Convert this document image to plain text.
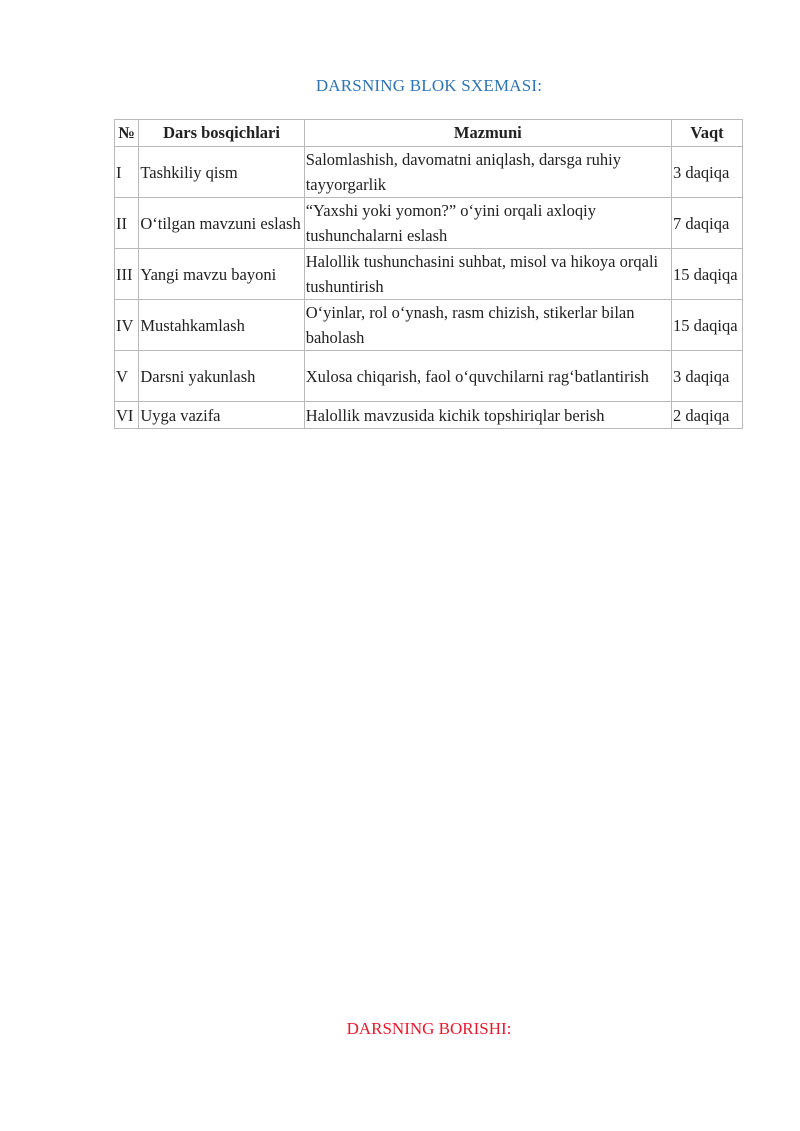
DARSNING BLOK SXEMASI:
№	Dars bosqichlari	Mazmuni	Vaqt
I	Tashkiliy qism	Salomlashish, davomatni aniqlash, darsga ruhiy tayyorgarlik	3 daqiqa
II	O‘tilgan mavzuni eslash	“Yaxshi yoki yomon?” o‘yini orqali axloqiy tushunchalarni eslash	7 daqiqa
III	Yangi mavzu bayoni	Halollik tushunchasini suhbat, misol va hikoya orqali tushuntirish	15 daqiqa
IV	Mustahkamlash	O‘yinlar, rol o‘ynash, rasm chizish, stikerlar bilan baholash	15 daqiqa
V	Darsni yakunlash	Xulosa chiqarish, faol o‘quvchilarni rag‘batlantirish	3 daqiqa
VI	Uyga vazifa	Halollik mavzusida kichik topshiriqlar berish	2 daqiqa
DARSNING BORISHI:
